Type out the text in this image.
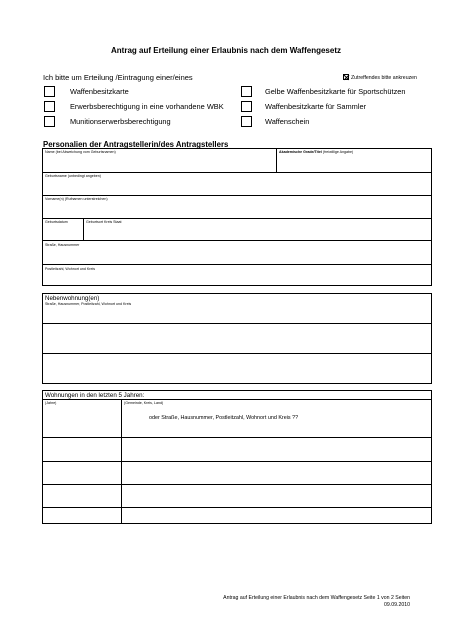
Antrag auf Erteilung einer Erlaubnis nach dem Waffengesetz
Ich bitte um Erteilung /Eintragung einer/eines	Zutreffendes bitte ankreuzen
Waffenbesitzkarte
Erwerbsberechtigung in eine vorhandene WBK
Munitionserwerbsberechtigung
Gelbe Waffenbesitzkarte für Sportschützen
Waffenbesitzkarte für Sammler
Waffenschein
Personalien der Antragstellerin/des Antragstellers
Name (bei Abweichung vom Geburtsnamen)	Akademische Grade/Titel (freiwillige Angabe)
Geburtsname (unbedingt angeben)
Vorname(n) (Rufnamen unterstreichen)
Geburtsdatum	Geburtsort Kreis Staat
Straße, Hausnummer
Postleitzahl, Wohnort und Kreis
Nebenwohnung(en)
Straße, Hausnummer, Postleitzahl, Wohnort und Kreis
Wohnungen in den letzten 5 Jahren:
(Jahre)	(Gemeinde, Kreis, Land)
oder Straße, Hausnummer, Postleitzahl, Wohnort und Kreis ??
Antrag auf Erteilung einer Erlaubnis nach dem Waffengesetz Seite 1 von 2 Seiten
09.09.2010
